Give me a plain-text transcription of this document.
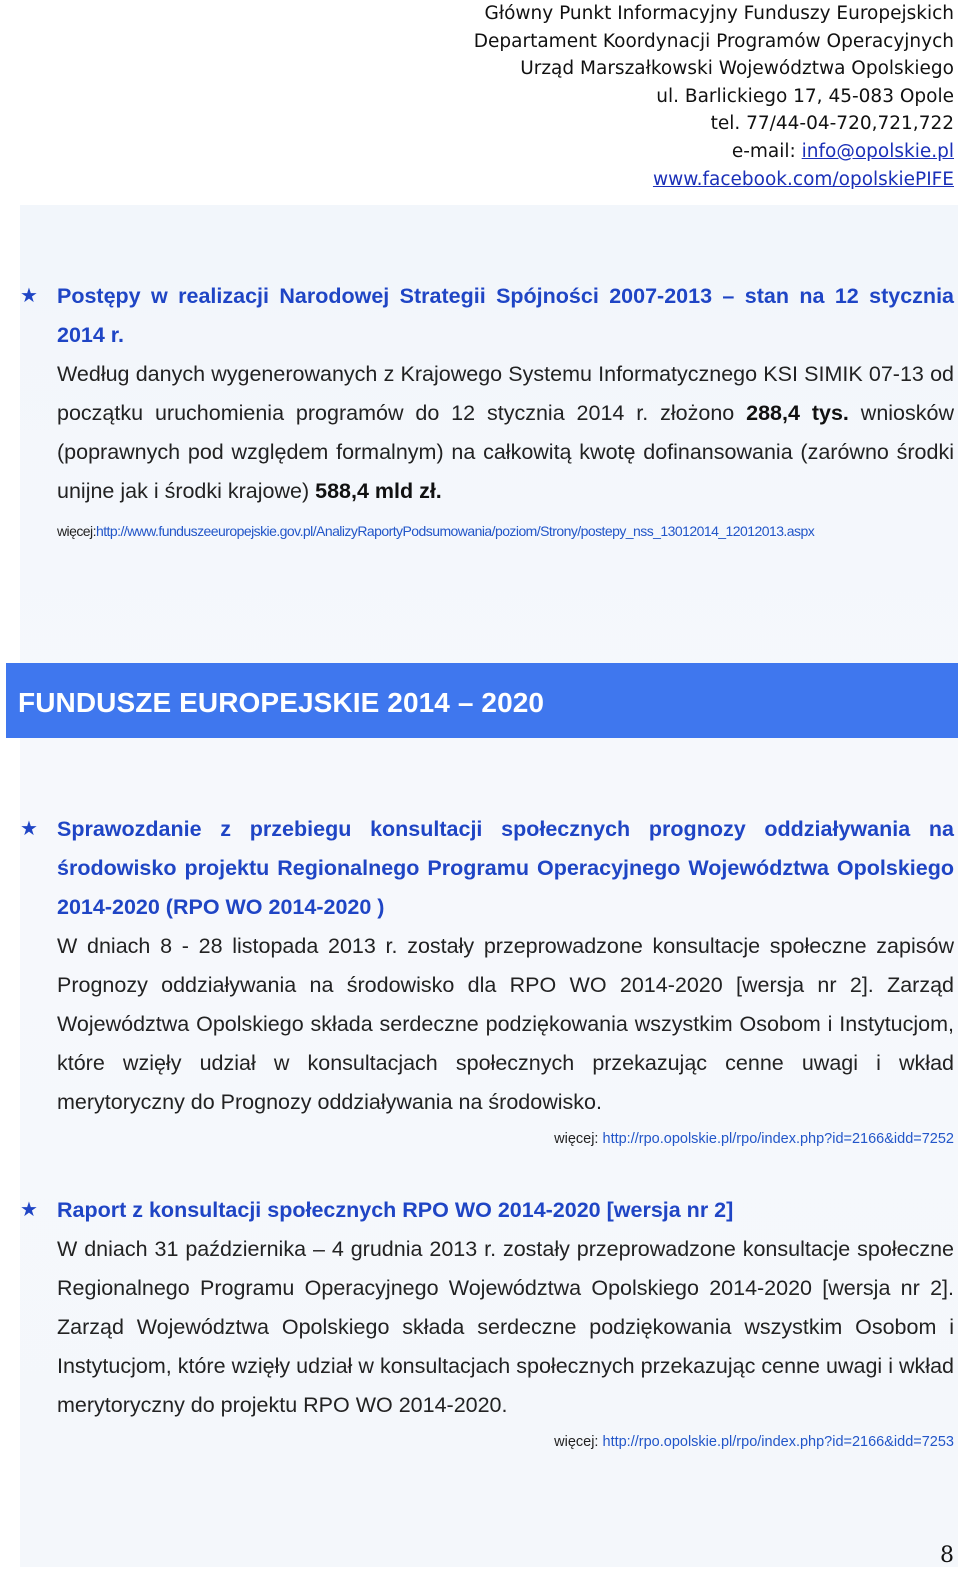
Główny Punkt Informacyjny Funduszy Europejskich
Departament Koordynacji Programów Operacyjnych
Urząd Marszałkowski Województwa Opolskiego
ul. Barlickiego 17, 45-083 Opole
tel. 77/44-04-720,721,722
e-mail: info@opolskie.pl
www.facebook.com/opolskiePIFE
★ Postępy w realizacji Narodowej Strategii Spójności 2007-2013 – stan na 12 stycznia 2014 r.
Według danych wygenerowanych z Krajowego Systemu Informatycznego KSI SIMIK 07-13 od początku uruchomienia programów do 12 stycznia 2014 r. złożono 288,4 tys. wniosków (poprawnych pod względem formalnym) na całkowitą kwotę dofinansowania (zarówno środki unijne jak i środki krajowe) 588,4 mld zł.
więcej:http://www.funduszeeuropejskie.gov.pl/AnalizyRaportyPodsumowania/poziom/Strony/postepy_nss_13012014_12012013.aspx
FUNDUSZE EUROPEJSKIE 2014 – 2020
★ Sprawozdanie z przebiegu konsultacji społecznych prognozy oddziaływania na środowisko projektu Regionalnego Programu Operacyjnego Województwa Opolskiego 2014-2020 (RPO WO 2014-2020 )
W dniach 8 - 28 listopada 2013 r. zostały przeprowadzone konsultacje społeczne zapisów Prognozy oddziaływania na środowisko dla RPO WO 2014-2020 [wersja nr 2]. Zarząd Województwa Opolskiego składa serdeczne podziękowania wszystkim Osobom i Instytucjom, które wzięły udział w konsultacjach społecznych przekazując cenne uwagi i wkład merytoryczny do Prognozy oddziaływania na środowisko.
więcej: http://rpo.opolskie.pl/rpo/index.php?id=2166&idd=7252
★ Raport z konsultacji społecznych RPO WO 2014-2020 [wersja nr 2]
W dniach 31 października – 4 grudnia 2013 r. zostały przeprowadzone konsultacje społeczne Regionalnego Programu Operacyjnego Województwa Opolskiego 2014-2020 [wersja nr 2]. Zarząd Województwa Opolskiego składa serdeczne podziękowania wszystkim Osobom i Instytucjom, które wzięły udział w konsultacjach społecznych przekazując cenne uwagi i wkład merytoryczny do projektu RPO WO 2014-2020.
więcej: http://rpo.opolskie.pl/rpo/index.php?id=2166&idd=7253
8
